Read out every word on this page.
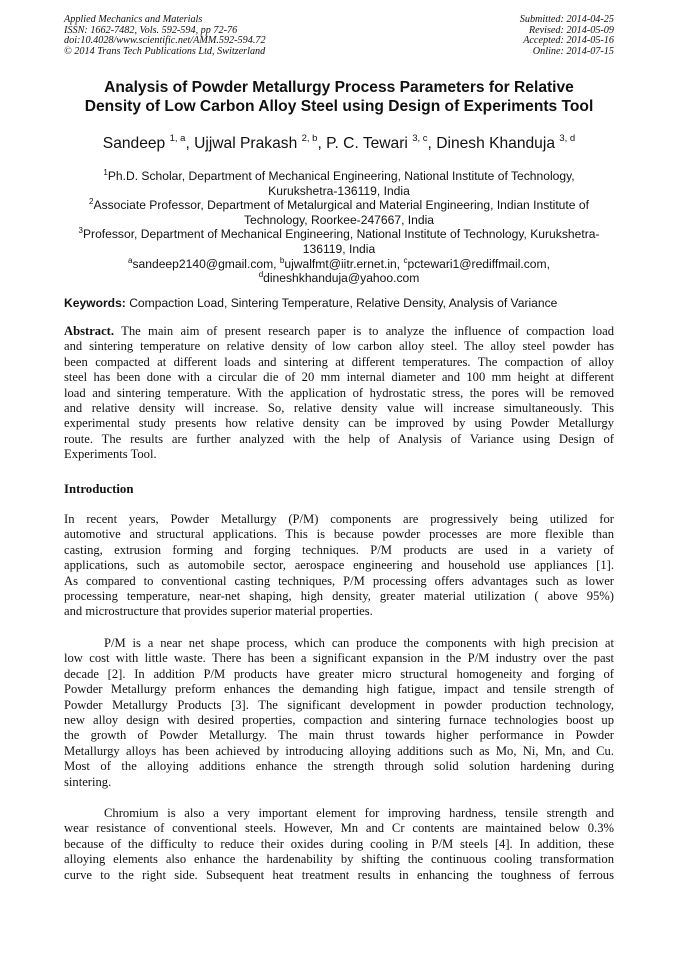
Applied Mechanics and Materials
ISSN: 1662-7482, Vols. 592-594, pp 72-76
doi:10.4028/www.scientific.net/AMM.592-594.72
© 2014 Trans Tech Publications Ltd, Switzerland
Submitted: 2014-04-25
Revised: 2014-05-09
Accepted: 2014-05-16
Online: 2014-07-15
Analysis of Powder Metallurgy Process Parameters for Relative
Density of Low Carbon Alloy Steel using Design of Experiments Tool
Sandeep $^{1, a}$, Ujjwal Prakash $^{2, b}$, P. C. Tewari $^{3, c}$, Dinesh Khanduja $^{3, d}$
$^1$Ph.D. Scholar, Department of Mechanical Engineering, National Institute of Technology,
Kurukshetra-136119, India
$^2$Associate Professor, Department of Metalurgical and Material Engineering, Indian Institute of
Technology, Roorkee-247667, India
$^3$Professor, Department of Mechanical Engineering, National Institute of Technology, Kurukshetra-
136119, India
$^a$sandeep2140@gmail.com, $^b$ujwalfmt@iitr.ernet.in, $^c$pctewari1@rediffmail.com,
$^d$dineshkhanduja@yahoo.com
Keywords: Compaction Load, Sintering Temperature, Relative Density, Analysis of Variance
Abstract. The main aim of present research paper is to analyze the influence of compaction load
and sintering temperature on relative density of low carbon alloy steel. The alloy steel powder has
been compacted at different loads and sintering at different temperatures. The compaction of alloy
steel has been done with a circular die of 20 mm internal diameter and 100 mm height at different
load and sintering temperature. With the application of hydrostatic stress, the pores will be removed
and relative density will increase. So, relative density value will increase simultaneously. This
experimental study presents how relative density can be improved by using Powder Metallurgy
route. The results are further analyzed with the help of Analysis of Variance using Design of
Experiments Tool.
Introduction
In recent years, Powder Metallurgy (P/M) components are progressively being utilized for
automotive and structural applications. This is because powder processes are more flexible than
casting, extrusion forming and forging techniques. P/M products are used in a variety of
applications, such as automobile sector, aerospace engineering and household use appliances [1].
As compared to conventional casting techniques, P/M processing offers advantages such as lower
processing temperature, near-net shaping, high density, greater material utilization ( above 95%)
and microstructure that provides superior material properties.
P/M is a near net shape process, which can produce the components with high precision at
low cost with little waste. There has been a significant expansion in the P/M industry over the past
decade [2]. In addition P/M products have greater micro structural homogeneity and forging of
Powder Metallurgy preform enhances the demanding high fatigue, impact and tensile strength of
Powder Metallurgy Products [3]. The significant development in powder production technology,
new alloy design with desired properties, compaction and sintering furnace technologies boost up
the growth of Powder Metallurgy. The main thrust towards higher performance in Powder
Metallurgy alloys has been achieved by introducing alloying additions such as Mo, Ni, Mn, and Cu.
Most of the alloying additions enhance the strength through solid solution hardening during
sintering.
Chromium is also a very important element for improving hardness, tensile strength and
wear resistance of conventional steels. However, Mn and Cr contents are maintained below 0.3%
because of the difficulty to reduce their oxides during cooling in P/M steels [4]. In addition, these
alloying elements also enhance the hardenability by shifting the continuous cooling transformation
curve to the right side. Subsequent heat treatment results in enhancing the toughness of ferrous
